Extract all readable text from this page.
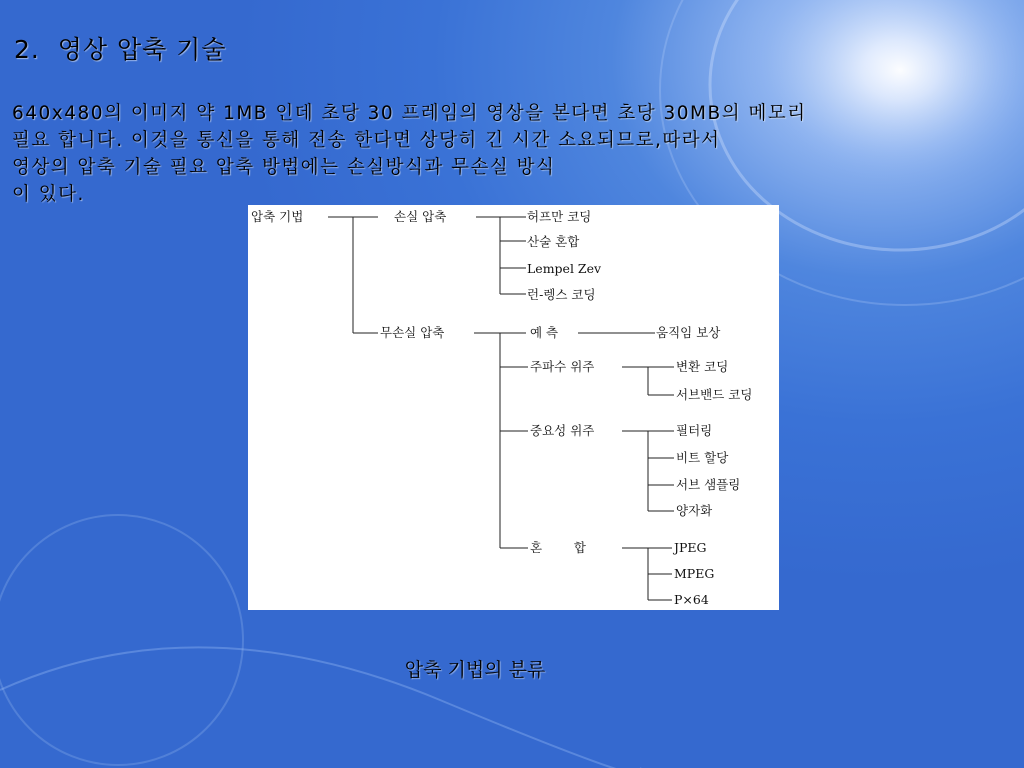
2.  영상 압축 기술
640x480의 이미지 약 1MB 인데 초당 30 프레임의 영상을 본다면 초당 30MB의 메모리
필요 합니다. 이것을 통신을 통해 전송 한다면 상당히 긴 시간 소요되므로,따라서
영상의 압축 기술 필요 압축 방법에는 손실방식과 무손실 방식
이 있다.
압축 기법	손실 압축	허프만 코딩
산술 혼합
Lempel Zev
런-렝스 코딩
무손실 압축	예 측	움직임 보상
주파수 위주	변환 코딩
서브밴드 코딩
중요성 위주	필터링
비트 할당
서브 샘플링
양자화
혼        합	JPEG
MPEG
P×64

압축 기법의 분류
